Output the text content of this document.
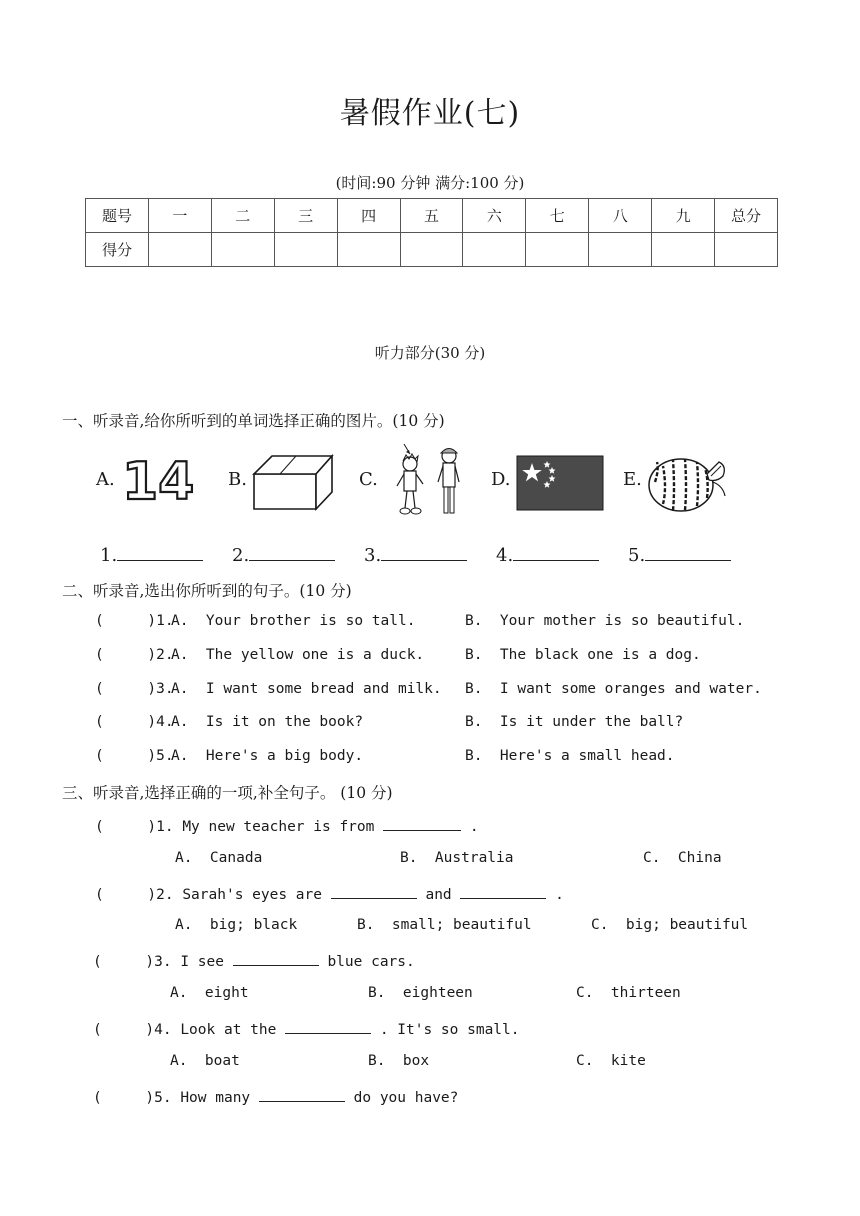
暑假作业(七)
(时间:90 分钟 满分:100 分)
题号	一	二	三	四	五	六	七	八	九	总分
得分										
听力部分(30 分)
一、听录音,给你所听到的单词选择正确的图片。(10 分)
A. 14 B.	C.	D.	E.
1.	2.	3.	4.	5.
二、听录音,选出你所听到的句子。(10 分)
(     )1.
A.  Your brother is so tall.	B.  Your mother is so beautiful.
(     )2.
A.  The yellow one is a duck.	B.  The black one is a dog.
(     )3.
A.  I want some bread and milk. B.  I want some oranges and water.
(     )4.
A.  Is it on the book?	B.  Is it under the ball?
(     )5.
A.  Here's a big body.	B.  Here's a small head.
三、听录音,选择正确的一项,补全句子。 (10 分)
(     )1. My new teacher is from	.
A.  Canada	B.  Australia	C.  China
(     )2. Sarah's eyes are	and	.
A.  big; black	B.  small; beautiful	C.  big; beautiful
(     )3. I see	blue cars.
A.  eight	B.  eighteen	C.  thirteen
(     )4. Look at the	. It's so small.
A.  boat	B.  box	C.  kite
(     )5. How many	do you have?
